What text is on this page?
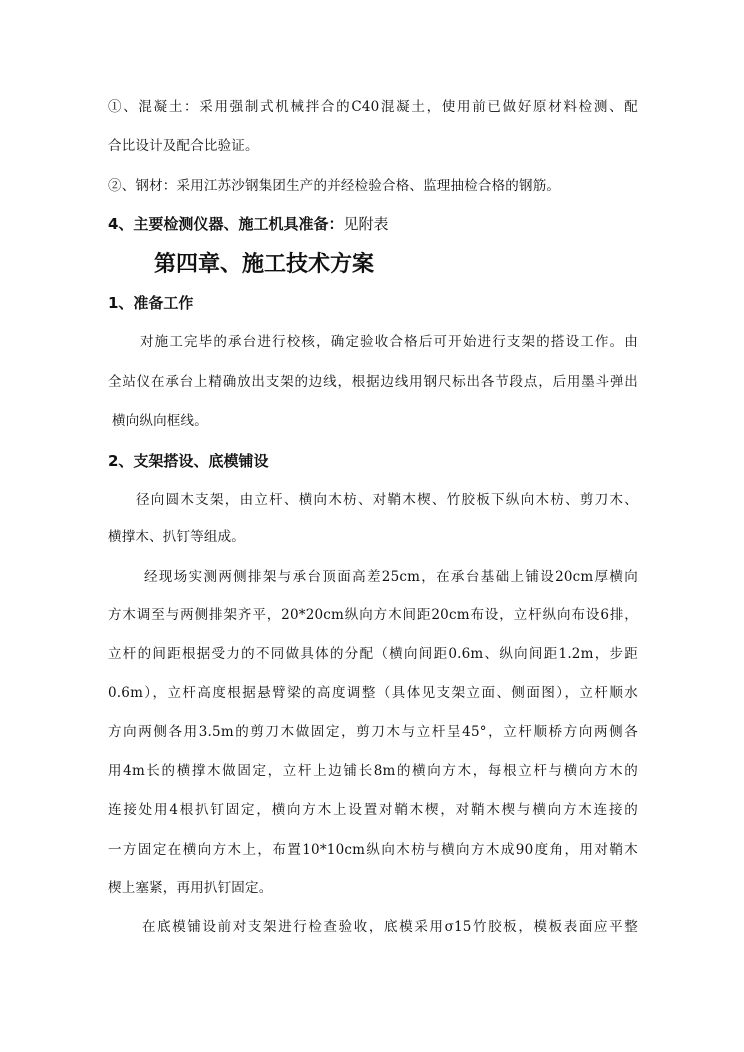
①、混凝土：采用强制式机械拌合的C40混凝土，使用前已做好原材料检测、配
合比设计及配合比验证。
②、钢材：采用江苏沙钢集团生产的并经检验合格、监理抽检合格的钢筋。
4、主要检测仪器、施工机具准备：见附表
第四章、施工技术方案
1、准备工作
对施工完毕的承台进行校核，确定验收合格后可开始进行支架的搭设工作。由
全站仪在承台上精确放出支架的边线，根据边线用钢尺标出各节段点，后用墨斗弹出
横向纵向框线。
2、支架搭设、底模铺设
径向圆木支架，由立杆、横向木枋、对鞘木楔、竹胶板下纵向木枋、剪刀木、
横撑木、扒钉等组成。
经现场实测两侧排架与承台顶面高差25cm，在承台基础上铺设20cm厚横向
方木调至与两侧排架齐平，20*20cm纵向方木间距20cm布设，立杆纵向布设6排，
立杆的间距根据受力的不同做具体的分配（横向间距0.6m、纵向间距1.2m，步距
0.6m），立杆高度根据悬臂梁的高度调整（具体见支架立面、侧面图），立杆顺水
方向两侧各用3.5m的剪刀木做固定，剪刀木与立杆呈45°，立杆顺桥方向两侧各
用4m长的横撑木做固定，立杆上边铺长8m的横向方木，每根立杆与横向方木的
连接处用4根扒钉固定，横向方木上设置对鞘木楔，对鞘木楔与横向方木连接的
一方固定在横向方木上，布置10*10cm纵向木枋与横向方木成90度角，用对鞘木
楔上塞紧，再用扒钉固定。
在底模铺设前对支架进行检查验收，底模采用σ15竹胶板，模板表面应平整
